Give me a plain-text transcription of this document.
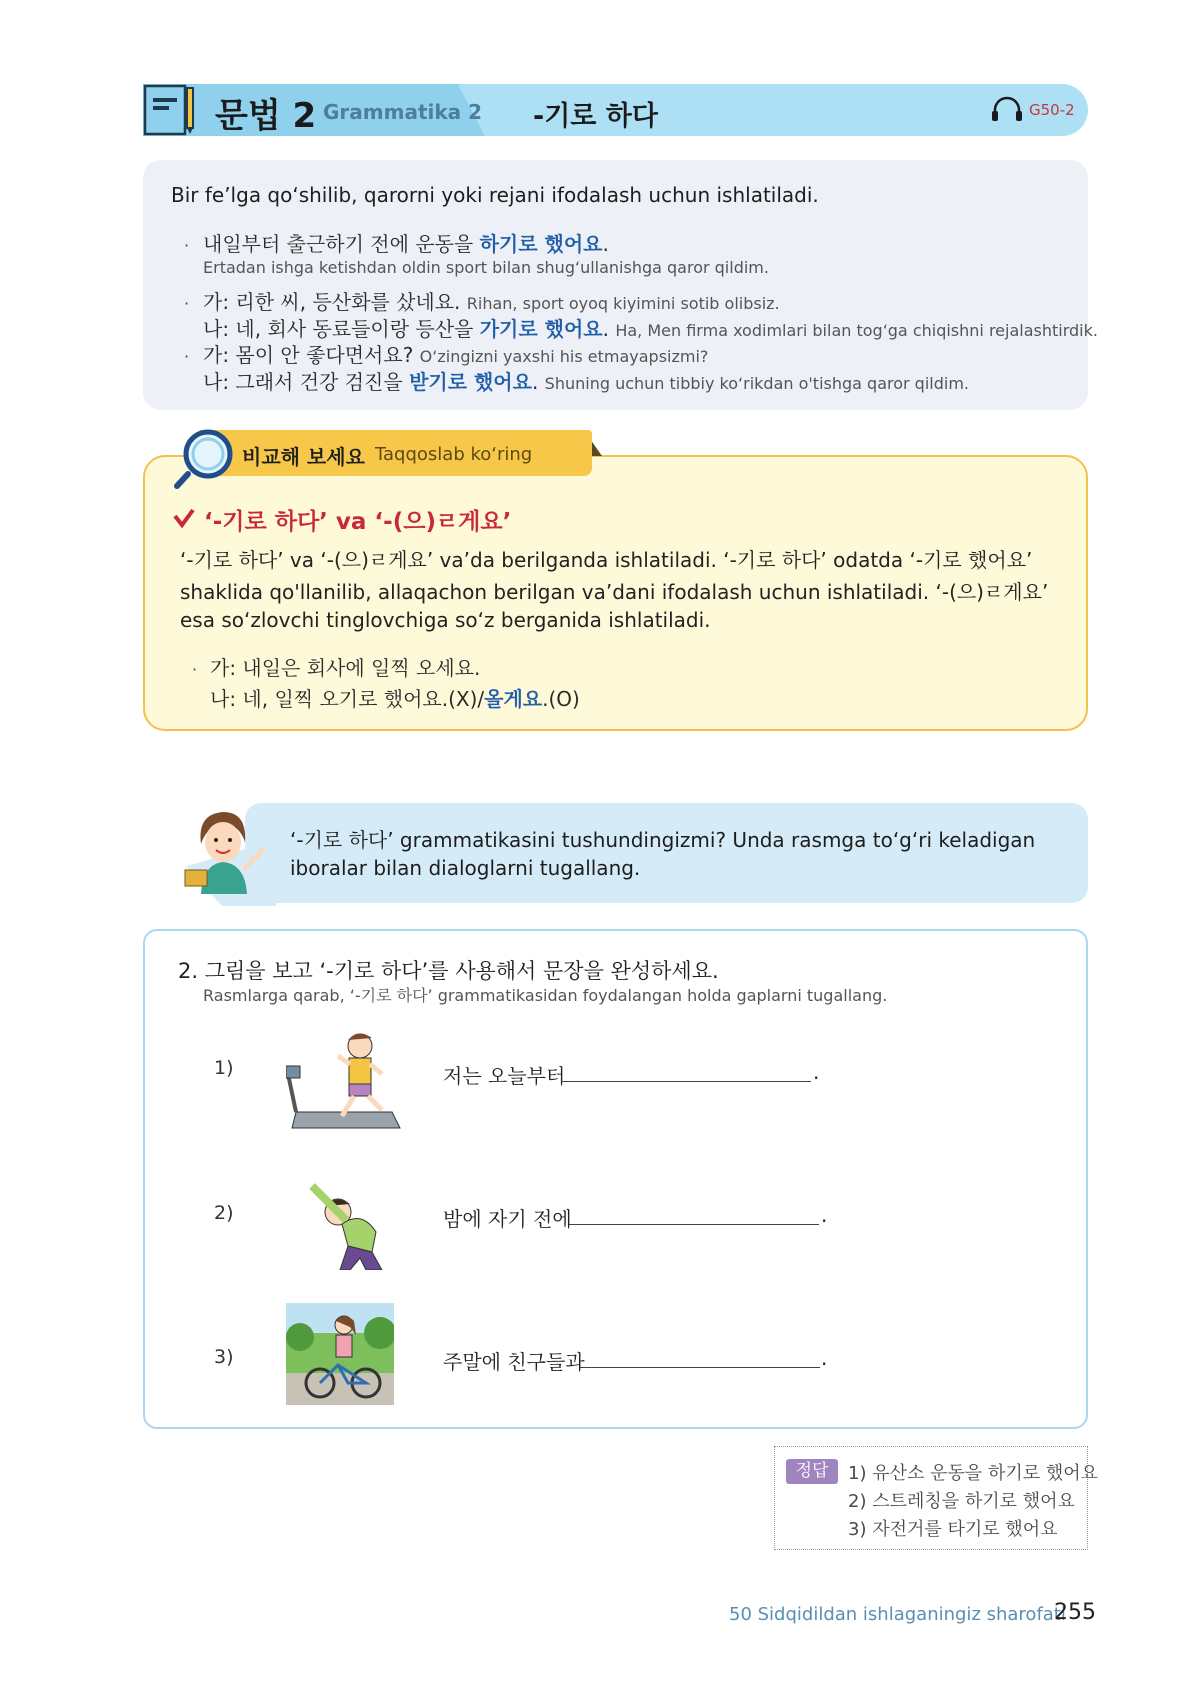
문법 2 Grammatika 2 -기로 하다	G50-2
Bir fe’lga qo‘shilib, qarorni yoki rejani ifodalash uchun ishlatiladi.
· 내일부터 출근하기 전에 운동을 하기로 했어요.
Ertadan ishga ketishdan oldin sport bilan shug‘ullanishga qaror qildim.
· 가: 리한 씨, 등산화를 샀네요. Rihan, sport oyoq kiyimini sotib olibsiz.
나: 네, 회사 동료들이랑 등산을 가기로 했어요. Ha, Men firma xodimlari bilan tog‘ga chiqishni rejalashtirdik.
· 가: 몸이 안 좋다면서요? O‘zingizni yaxshi his etmayapsizmi?
나: 그래서 건강 검진을 받기로 했어요. Shuning uchun tibbiy ko‘rikdan o'tishga qaror qildim.
비교해 보세요 Taqqoslab ko‘ring
‘-기로 하다’ va ‘-(으)ㄹ게요’
‘-기로 하다’ va ‘-(으)ㄹ게요’ va’da berilganda ishlatiladi. ‘-기로 하다’ odatda ‘-기로 했어요’
shaklida qo'llanilib, allaqachon berilgan va’dani ifodalash uchun ishlatiladi. ‘-(으)ㄹ게요’
esa so‘zlovchi tinglovchiga so‘z berganida ishlatiladi.
· 가: 내일은 회사에 일찍 오세요.
나: 네, 일찍 오기로 했어요.(X)/올게요.(O)
‘-기로 하다’ grammatikasini tushundingizmi? Unda rasmga to‘g‘ri keladigan
iboralar bilan dialoglarni tugallang.
2. 그림을 보고 ‘-기로 하다’를 사용해서 문장을 완성하세요.
Rasmlarga qarab, ‘-기로 하다’ grammatikasidan foydalangan holda gaplarni tugallang.
1)	저는 오늘부터	.
2)	밤에 자기 전에	.
3)	주말에 친구들과	.
정답	1) 유산소 운동을 하기로 했어요
2) 스트레칭을 하기로 했어요
3) 자전거를 타기로 했어요
50 Sidqidildan ishlaganingiz sharofati
255
